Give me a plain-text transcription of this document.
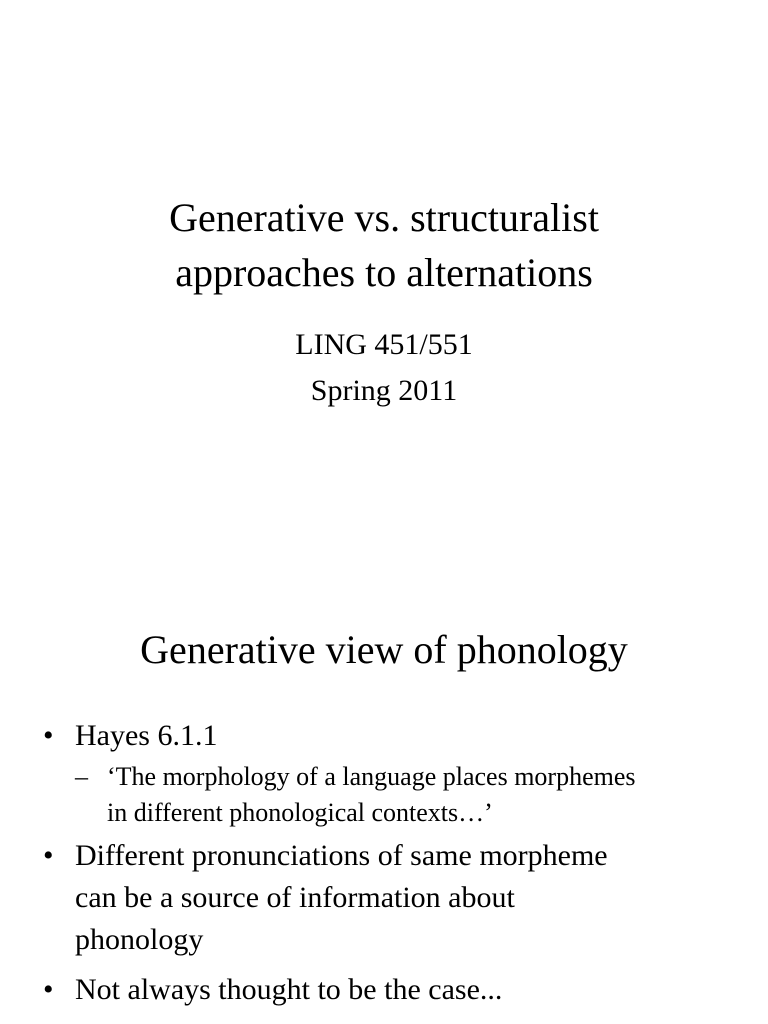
Generative vs. structuralist
approaches to alternations
LING 451/551
Spring 2011
Generative view of phonology
• Hayes 6.1.1
– ‘The morphology of a language places morphemes
in different phonological contexts…’
• Different pronunciations of same morpheme
can be a source of information about
phonology
• Not always thought to be the case...
